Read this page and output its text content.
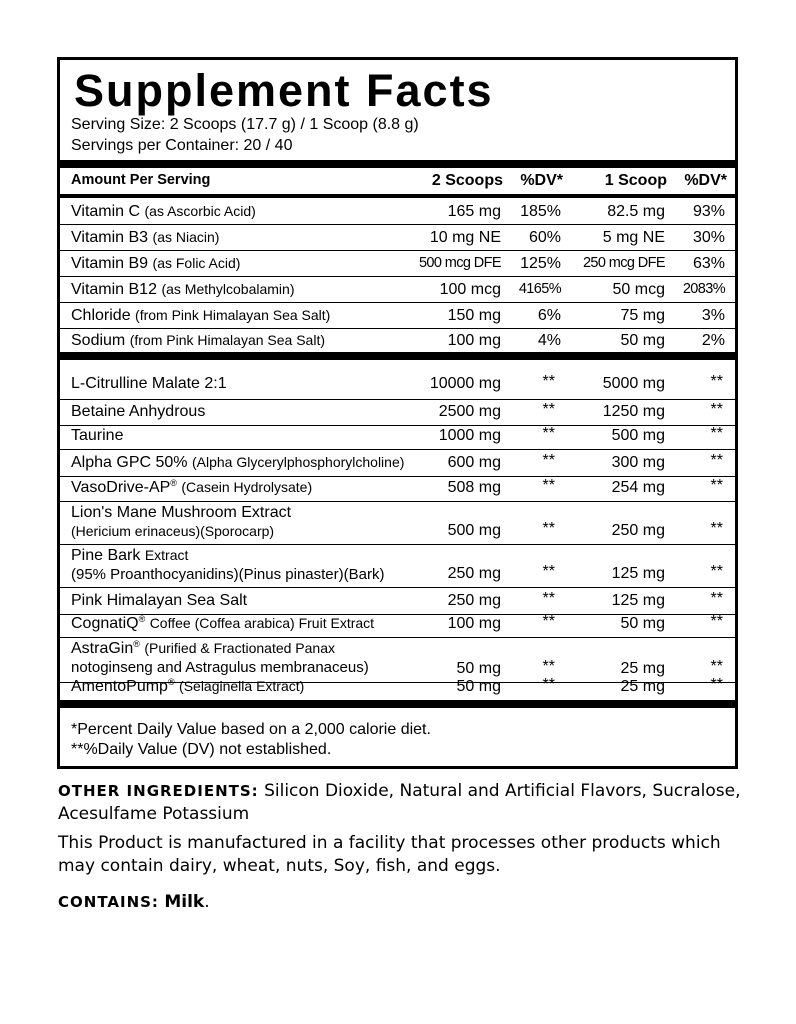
Supplement Facts
Serving Size: 2 Scoops (17.7 g) / 1 Scoop (8.8 g)
Servings per Container: 20 / 40
Amount Per Serving	2 Scoops %DV*	1 Scoop %DV*
Vitamin C (as Ascorbic Acid)	165 mg 185%	82.5 mg 93%
Vitamin B3 (as Niacin)	10 mg NE 60%	5 mg NE 30%
Vitamin B9 (as Folic Acid)	500 mcg DFE 125% 250 mcg DFE 63%
Vitamin B12 (as Methylcobalamin)	100 mcg 4165%	50 mcg 2083%
Chloride (from Pink Himalayan Sea Salt)	150 mg 6%	75 mg 3%
Sodium (from Pink Himalayan Sea Salt)	100 mg 4%	50 mg 2%
L-Citrulline Malate 2:1	10000 mg	**	5000 mg	**
Betaine Anhydrous	2500 mg	**	1250 mg	**
Taurine	1000 mg	**	500 mg	**
Alpha GPC 50% (Alpha Glycerylphosphorylcholine)	600 mg	**	300 mg	**
VasoDrive-AP® (Casein Hydrolysate)	508 mg	**	254 mg	**
Lion's Mane Mushroom Extract
(Hericium erinaceus)(Sporocarp)	500 mg	**	250 mg	**
Pine Bark Extract
(95% Proanthocyanidins)(Pinus pinaster)(Bark)	250 mg	**	125 mg	**
Pink Himalayan Sea Salt	250 mg	**	125 mg	**
CognatiQ® Coffee (Coffea arabica) Fruit Extract	100 mg	**	50 mg	**
AstraGin® (Purified & Fractionated Panax
notoginseng and Astragulus membranaceus)	50 mg	**	25 mg	**
AmentoPump® (Selaginella Extract)	50 mg	**	25 mg	**
*Percent Daily Value based on a 2,000 calorie diet.
**%Daily Value (DV) not established.
OTHER INGREDIENTS: Silicon Dioxide, Natural and Artificial Flavors, Sucralose, Acesulfame Potassium
This Product is manufactured in a facility that processes other products which may contain dairy, wheat, nuts, Soy, fish, and eggs.
CONTAINS: Milk.
